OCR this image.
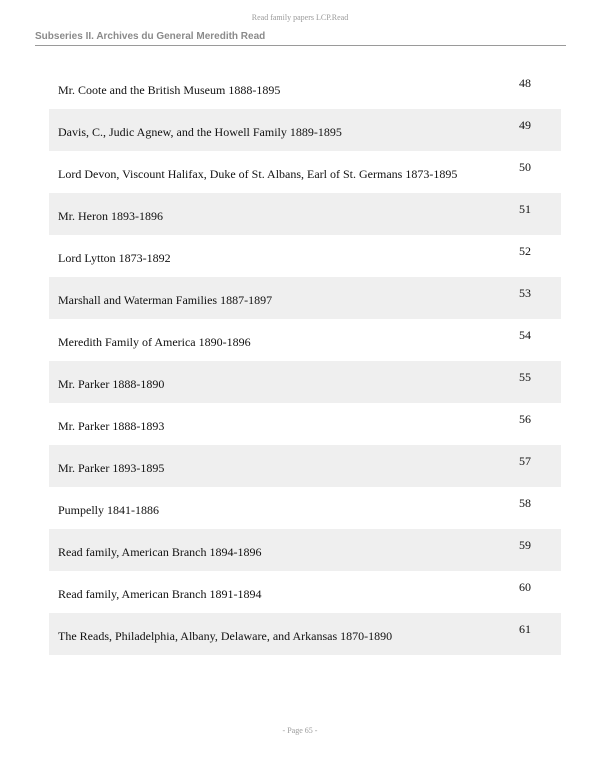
Read family papers LCP.Read
Subseries II. Archives du General Meredith Read
Mr. Coote and the British Museum 1888-1895	48
Davis, C., Judic Agnew, and the Howell Family 1889-1895	49
Lord Devon, Viscount Halifax, Duke of St. Albans, Earl of St. Germans 1873-1895	50
Mr. Heron 1893-1896	51
Lord Lytton 1873-1892	52
Marshall and Waterman Families 1887-1897	53
Meredith Family of America 1890-1896	54
Mr. Parker 1888-1890	55
Mr. Parker 1888-1893	56
Mr. Parker 1893-1895	57
Pumpelly 1841-1886	58
Read family, American Branch 1894-1896	59
Read family, American Branch 1891-1894	60
The Reads, Philadelphia, Albany, Delaware, and Arkansas 1870-1890	61
- Page 65 -
